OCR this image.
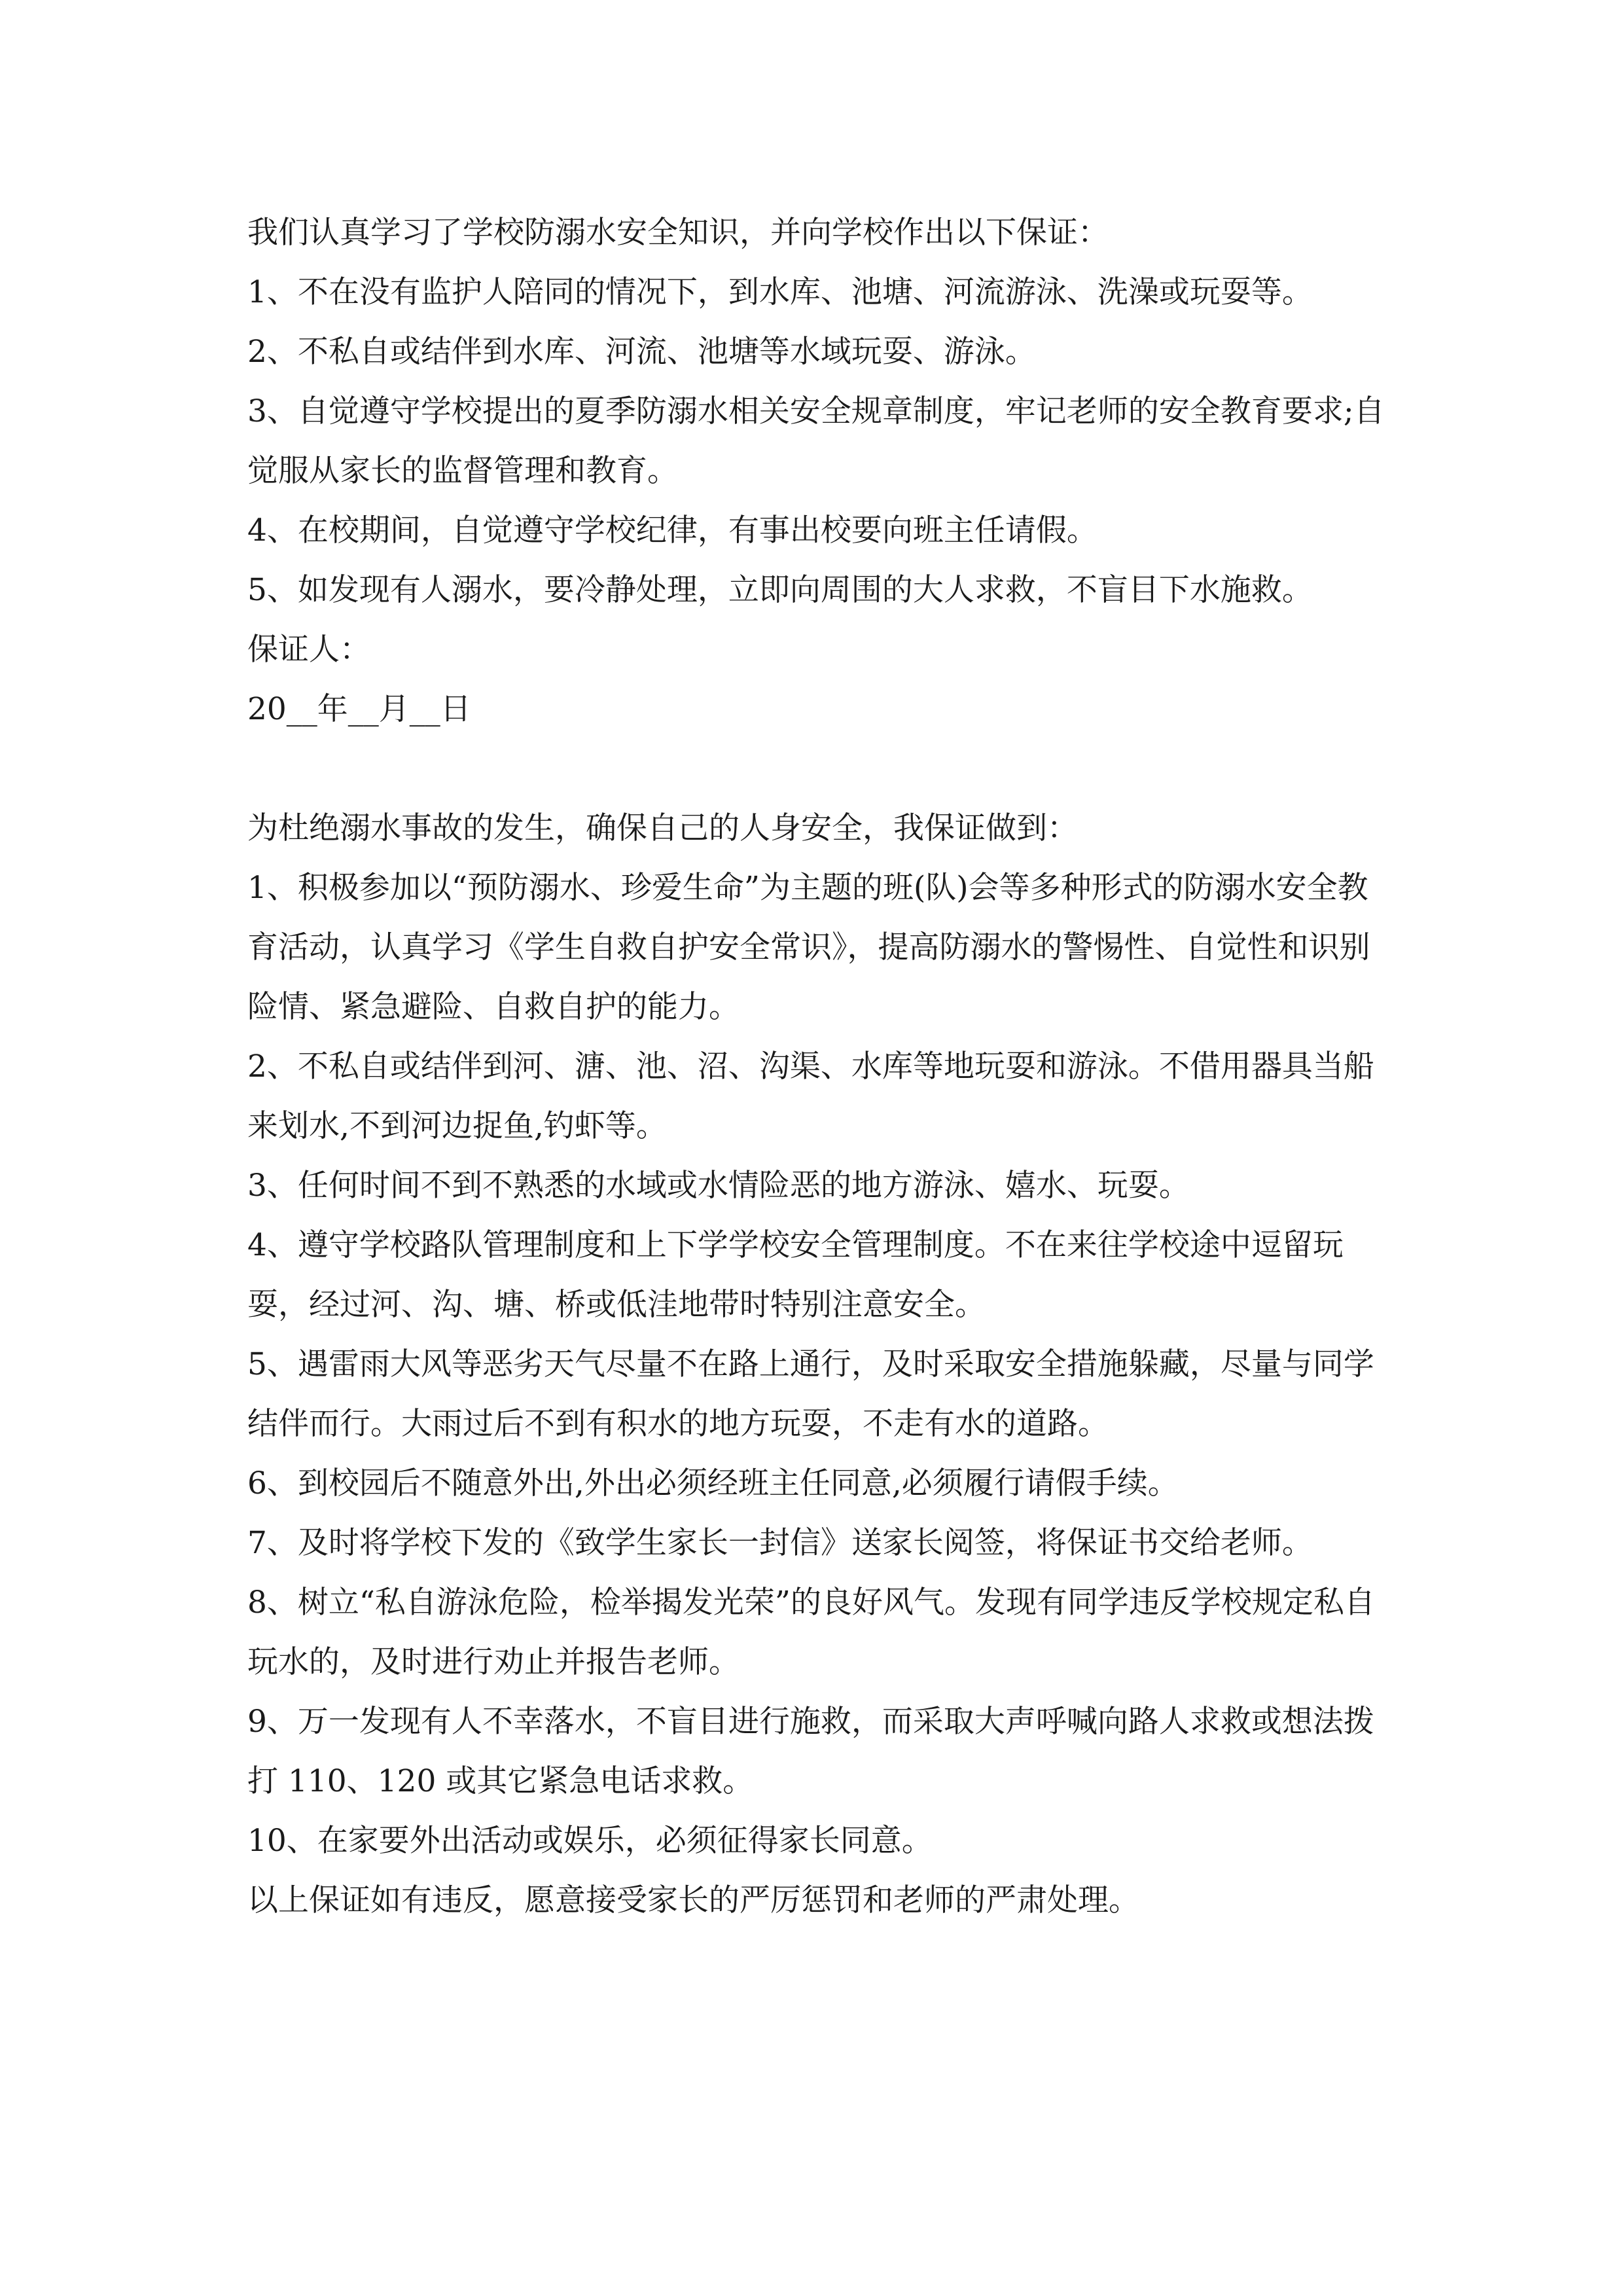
我们认真学习了学校防溺水安全知识，并向学校作出以下保证：

1、不在没有监护人陪同的情况下，到水库、池塘、河流游泳、洗澡或玩耍等。

2、不私自或结伴到水库、河流、池塘等水域玩耍、游泳。

3、自觉遵守学校提出的夏季防溺水相关安全规章制度，牢记老师的安全教育要求;自觉服从家长的监督管理和教育。

4、在校期间，自觉遵守学校纪律，有事出校要向班主任请假。

5、如发现有人溺水，要冷静处理，立即向周围的大人求救，不盲目下水施救。

保证人：

20__年__月__日

为杜绝溺水事故的发生，确保自己的人身安全，我保证做到：

1、积极参加以“预防溺水、珍爱生命”为主题的班(队)会等多种形式的防溺水安全教育活动，认真学习《学生自救自护安全常识》，提高防溺水的警惕性、自觉性和识别险情、紧急避险、自救自护的能力。

2、不私自或结伴到河、溏、池、沼、沟渠、水库等地玩耍和游泳。不借用器具当船来划水,不到河边捉鱼,钓虾等。

3、任何时间不到不熟悉的水域或水情险恶的地方游泳、嬉水、玩耍。

4、遵守学校路队管理制度和上下学学校安全管理制度。不在来往学校途中逗留玩耍，经过河、沟、塘、桥或低洼地带时特别注意安全。

5、遇雷雨大风等恶劣天气尽量不在路上通行，及时采取安全措施躲藏，尽量与同学结伴而行。大雨过后不到有积水的地方玩耍，不走有水的道路。

6、到校园后不随意外出,外出必须经班主任同意,必须履行请假手续。

7、及时将学校下发的《致学生家长一封信》送家长阅签，将保证书交给老师。

8、树立“私自游泳危险，检举揭发光荣”的良好风气。发现有同学违反学校规定私自玩水的，及时进行劝止并报告老师。

9、万一发现有人不幸落水，不盲目进行施救，而采取大声呼喊向路人求救或想法拨打 110、120 或其它紧急电话求救。

10、在家要外出活动或娱乐，必须征得家长同意。

以上保证如有违反，愿意接受家长的严厉惩罚和老师的严肃处理。
